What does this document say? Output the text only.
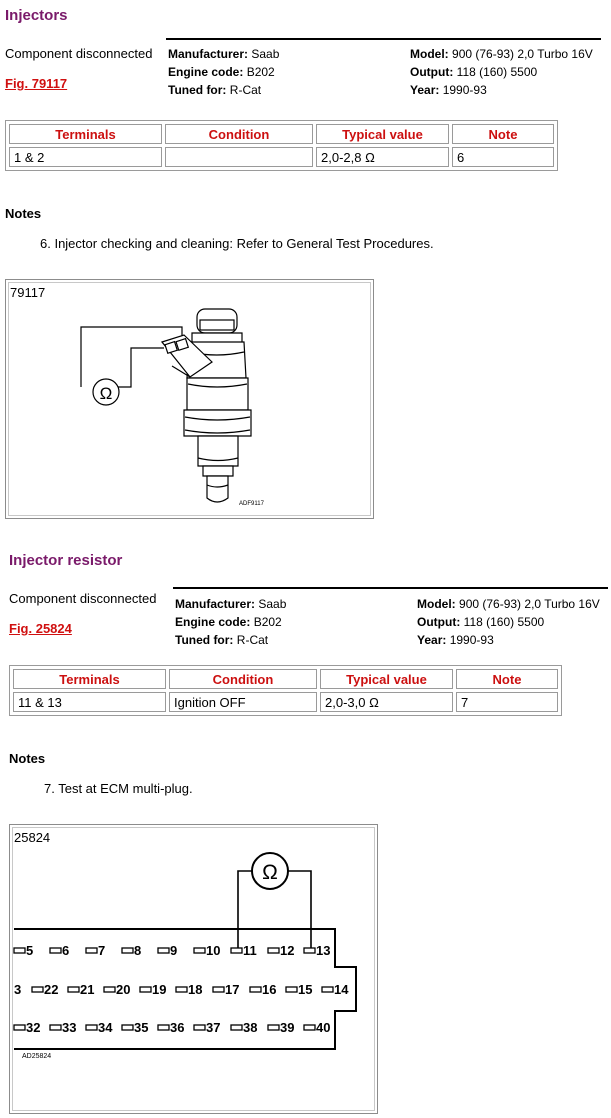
Injectors
Component disconnected
Fig. 79117
Manufacturer: Saab
Engine code: B202
Tuned for: R-Cat
Model: 900 (76-93) 2,0 Turbo 16V
Output: 118 (160) 5500
Year: 1990-93
Terminals	Condition	Typical value	Note
1 & 2		2,0-2,8 Ω	6
Notes
6. Injector checking and cleaning: Refer to General Test Procedures.
79117
Ω
ADF9117
Injector resistor
Component disconnected
Fig. 25824
Manufacturer: Saab
Engine code: B202
Tuned for: R-Cat
Model: 900 (76-93) 2,0 Turbo 16V
Output: 118 (160) 5500
Year: 1990-93
Terminals	Condition	Typical value	Note
11 & 13	Ignition OFF	2,0-3,0 Ω	7
Notes
7. Test at ECM multi-plug.
25824
Ω
5 6 7 8 9 10 11 12 13
3 22 21 20 19 18 17 16 15 14
32 33 34 35 36 37 38 39 40
AD25824
